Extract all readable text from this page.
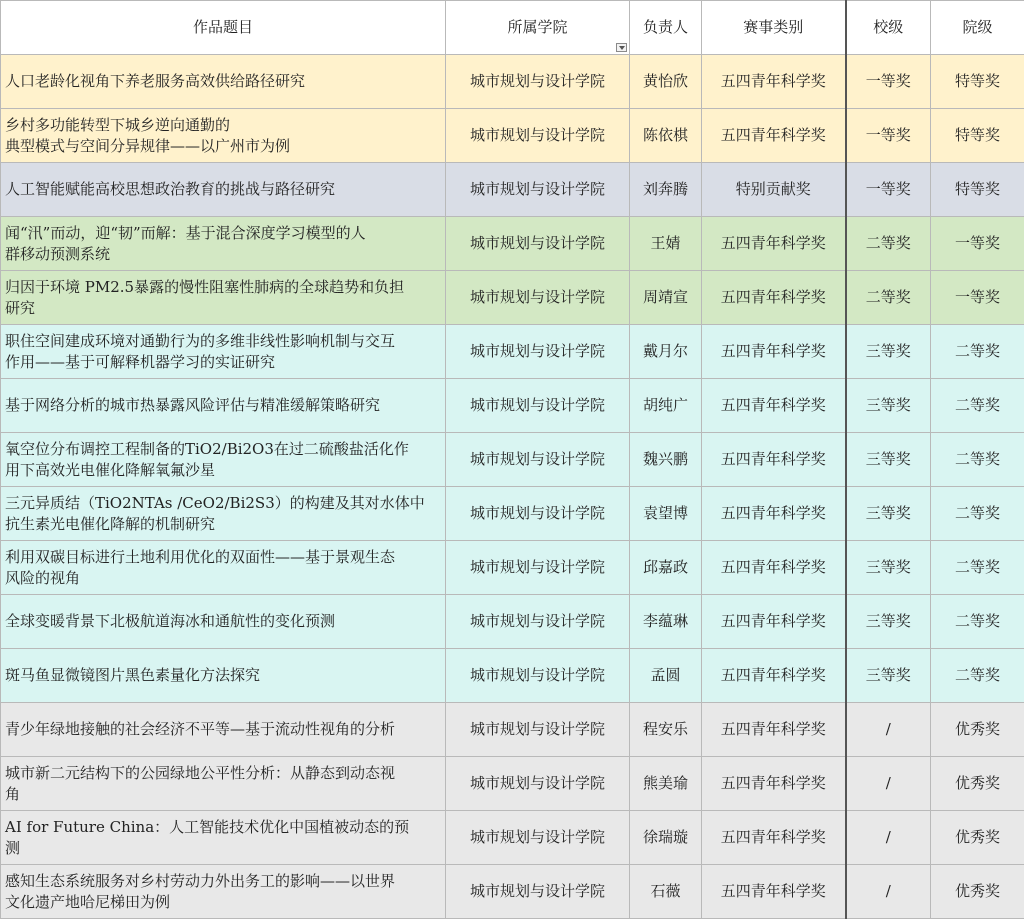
作品题目	所属学院	负责人	赛事类别	校级	院级
人口老龄化视角下养老服务高效供给路径研究	城市规划与设计学院	黄怡欣	五四青年科学奖	一等奖	特等奖
乡村多功能转型下城乡逆向通勤的
典型模式与空间分异规律——以广州市为例	城市规划与设计学院	陈依棋	五四青年科学奖	一等奖	特等奖
人工智能赋能高校思想政治教育的挑战与路径研究	城市规划与设计学院	刘奔腾	特别贡献奖	一等奖	特等奖
闻“汛”而动，迎“韧”而解：基于混合深度学习模型的人
群移动预测系统	城市规划与设计学院	王婧	五四青年科学奖	二等奖	一等奖
归因于环境 PM2.5暴露的慢性阻塞性肺病的全球趋势和负担
研究	城市规划与设计学院	周靖宣	五四青年科学奖	二等奖	一等奖
职住空间建成环境对通勤行为的多维非线性影响机制与交互
作用——基于可解释机器学习的实证研究	城市规划与设计学院	戴月尔	五四青年科学奖	三等奖	二等奖
基于网络分析的城市热暴露风险评估与精准缓解策略研究	城市规划与设计学院	胡纯广	五四青年科学奖	三等奖	二等奖
氧空位分布调控工程制备的TiO2/Bi2O3在过二硫酸盐活化作
用下高效光电催化降解氧氟沙星	城市规划与设计学院	魏兴鹏	五四青年科学奖	三等奖	二等奖
三元异质结（TiO2NTAs /CeO2/Bi2S3）的构建及其对水体中
抗生素光电催化降解的机制研究	城市规划与设计学院	袁望博	五四青年科学奖	三等奖	二等奖
利用双碳目标进行土地利用优化的双面性——基于景观生态
风险的视角	城市规划与设计学院	邱嘉政	五四青年科学奖	三等奖	二等奖
全球变暖背景下北极航道海冰和通航性的变化预测	城市规划与设计学院	李蕴琳	五四青年科学奖	三等奖	二等奖
斑马鱼显微镜图片黑色素量化方法探究	城市规划与设计学院	孟圆	五四青年科学奖	三等奖	二等奖
青少年绿地接触的社会经济不平等—基于流动性视角的分析	城市规划与设计学院	程安乐	五四青年科学奖	/	优秀奖
城市新二元结构下的公园绿地公平性分析：从静态到动态视
角	城市规划与设计学院	熊美瑜	五四青年科学奖	/	优秀奖
AI for Future China：人工智能技术优化中国植被动态的预
测	城市规划与设计学院	徐瑞璇	五四青年科学奖	/	优秀奖
感知生态系统服务对乡村劳动力外出务工的影响——以世界
文化遗产地哈尼梯田为例	城市规划与设计学院	石薇	五四青年科学奖	/	优秀奖
